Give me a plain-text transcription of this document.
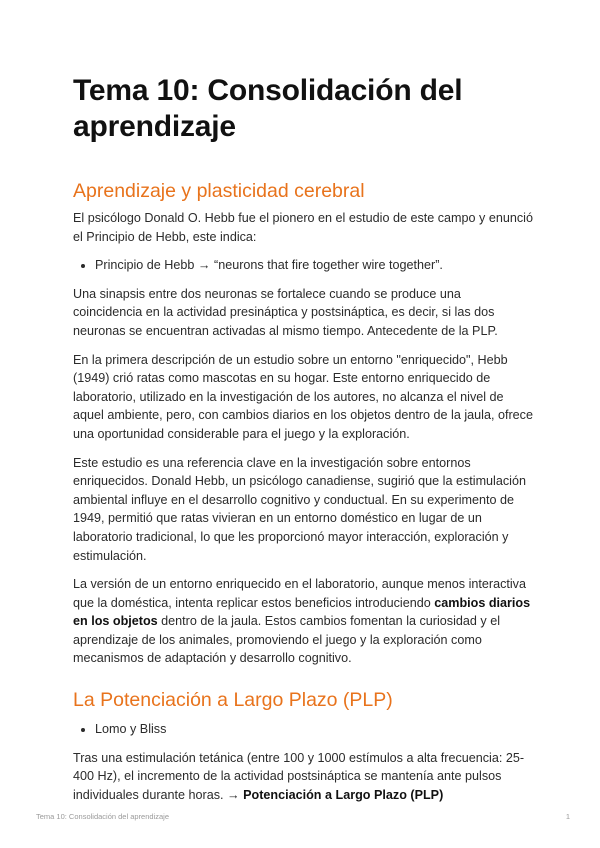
Tema 10: Consolidación del
aprendizaje
Aprendizaje y plasticidad cerebral

El psicólogo Donald O. Hebb fue el pionero en el estudio de este campo y enunció el Principio de Hebb, este indica:

• Principio de Hebb → “neurons that fire together wire together”.

Una sinapsis entre dos neuronas se fortalece cuando se produce una coincidencia en la actividad presináptica y postsináptica, es decir, si las dos neuronas se encuentran activadas al mismo tiempo. Antecedente de la PLP.

En la primera descripción de un estudio sobre un entorno "enriquecido", Hebb (1949) crió ratas como mascotas en su hogar. Este entorno enriquecido de laboratorio, utilizado en la investigación de los autores, no alcanza el nivel de aquel ambiente, pero, con cambios diarios en los objetos dentro de la jaula, ofrece una oportunidad considerable para el juego y la exploración.

Este estudio es una referencia clave en la investigación sobre entornos enriquecidos. Donald Hebb, un psicólogo canadiense, sugirió que la estimulación ambiental influye en el desarrollo cognitivo y conductual. En su experimento de 1949, permitió que ratas vivieran en un entorno doméstico en lugar de un laboratorio tradicional, lo que les proporcionó mayor interacción, exploración y estimulación.

La versión de un entorno enriquecido en el laboratorio, aunque menos interactiva que la doméstica, intenta replicar estos beneficios introduciendo cambios diarios en los objetos dentro de la jaula. Estos cambios fomentan la curiosidad y el aprendizaje de los animales, promoviendo el juego y la exploración como mecanismos de adaptación y desarrollo cognitivo.

La Potenciación a Largo Plazo (PLP)
• Lomo y Bliss

Tras una estimulación tetánica (entre 100 y 1000 estímulos a alta frecuencia: 25-400 Hz), el incremento de la actividad postsináptica se mantenía ante pulsos individuales durante horas. → Potenciación a Largo Plazo (PLP)

Tema 10: Consolidación del aprendizaje	1
